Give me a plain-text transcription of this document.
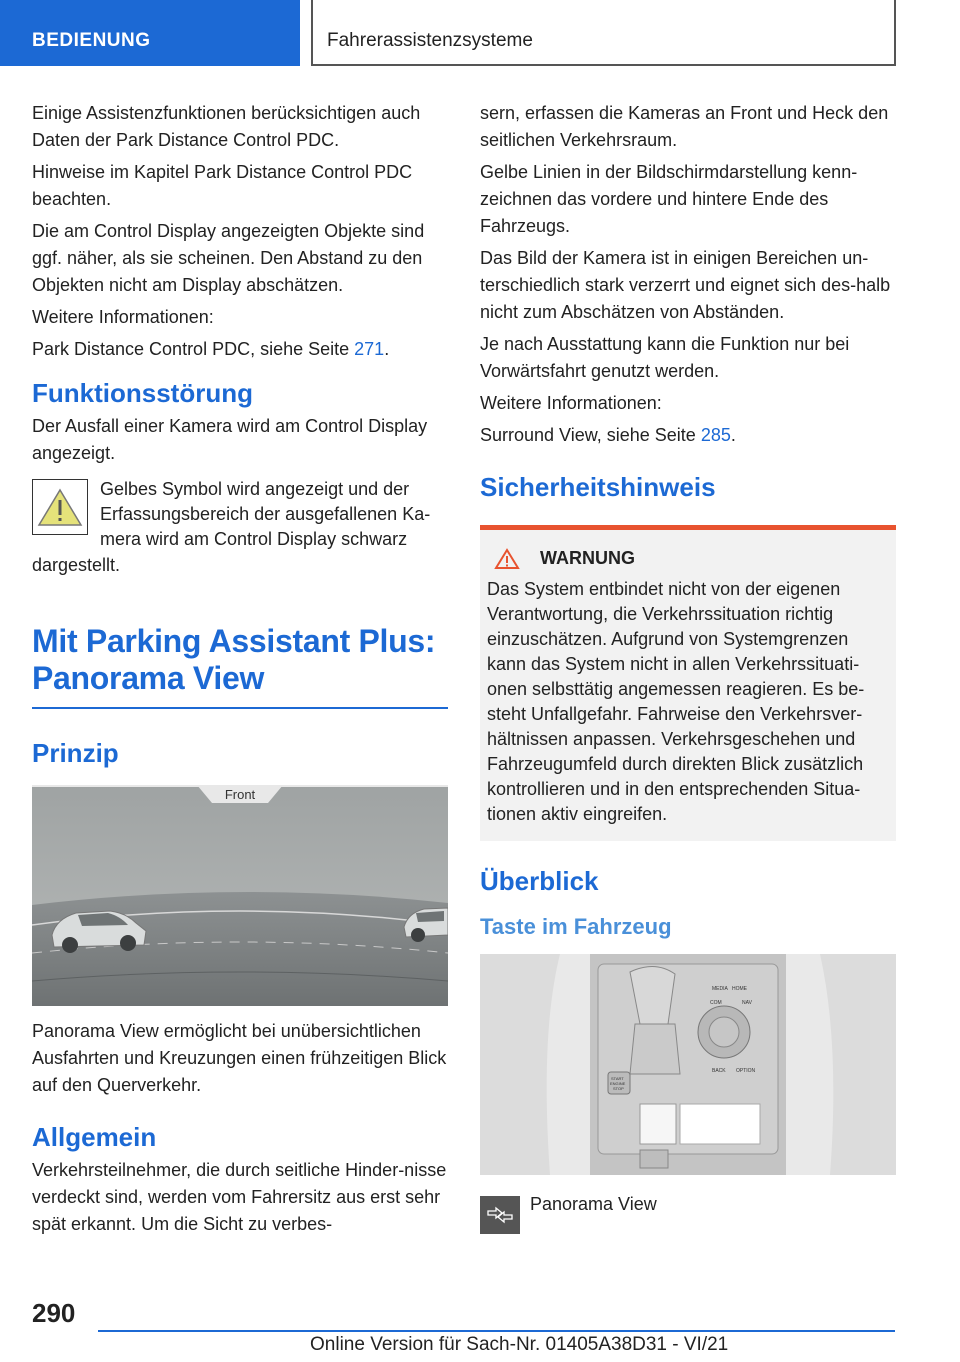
BEDIENUNG	Fahrerassistenzsysteme

Einige Assistenzfunktionen berücksichtigen auch Daten der Park Distance Control PDC.

Hinweise im Kapitel Park Distance Control PDC beachten.

Die am Control Display angezeigten Objekte sind ggf. näher, als sie scheinen. Den Abstand zu den Objekten nicht am Display abschätzen.

Weitere Informationen:

Park Distance Control PDC, siehe Seite 271.

Funktionsstörung

Der Ausfall einer Kamera wird am Control Display angezeigt.

Gelbes Symbol wird angezeigt und der Erfassungsbereich der ausgefallenen Ka‐mera wird am Control Display schwarz
dargestellt.
Mit Parking Assistant Plus: Panorama View
Prinzip
Front

Panorama View ermöglicht bei unübersichtlichen Ausfahrten und Kreuzungen einen frühzeitigen Blick auf den Querverkehr.

Allgemein

Verkehrsteilnehmer, die durch seitliche Hinder‐nisse verdeckt sind, werden vom Fahrersitz aus erst sehr spät erkannt. Um die Sicht zu verbes‐

sern, erfassen die Kameras an Front und Heck den seitlichen Verkehrsraum.

Gelbe Linien in der Bildschirmdarstellung kenn‐zeichnen das vordere und hintere Ende des Fahrzeugs.

Das Bild der Kamera ist in einigen Bereichen un‐terschiedlich stark verzerrt und eignet sich des‐halb nicht zum Abschätzen von Abständen.

Je nach Ausstattung kann die Funktion nur bei Vorwärtsfahrt genutzt werden.

Weitere Informationen:

Surround View, siehe Seite 285.

Sicherheitshinweis
WARNUNG
Das System entbindet nicht von der eigenen Verantwortung, die Verkehrssituation richtig einzuschätzen. Aufgrund von Systemgrenzen kann das System nicht in allen Verkehrssituati‐onen selbsttätig angemessen reagieren. Es be‐steht Unfallgefahr. Fahrweise den Verkehrsver‐hältnissen anpassen. Verkehrsgeschehen und Fahrzeugumfeld durch direkten Blick zusätzlich kontrollieren und in den entsprechenden Situa‐tionen aktiv eingreifen.
Überblick
Taste im Fahrzeug
MEDIA HOME
COM	NAV
BACK OPTION
START
ENGINE
STOP
Panorama View
290
Online Version für Sach-Nr. 01405A38D31 - VI/21
